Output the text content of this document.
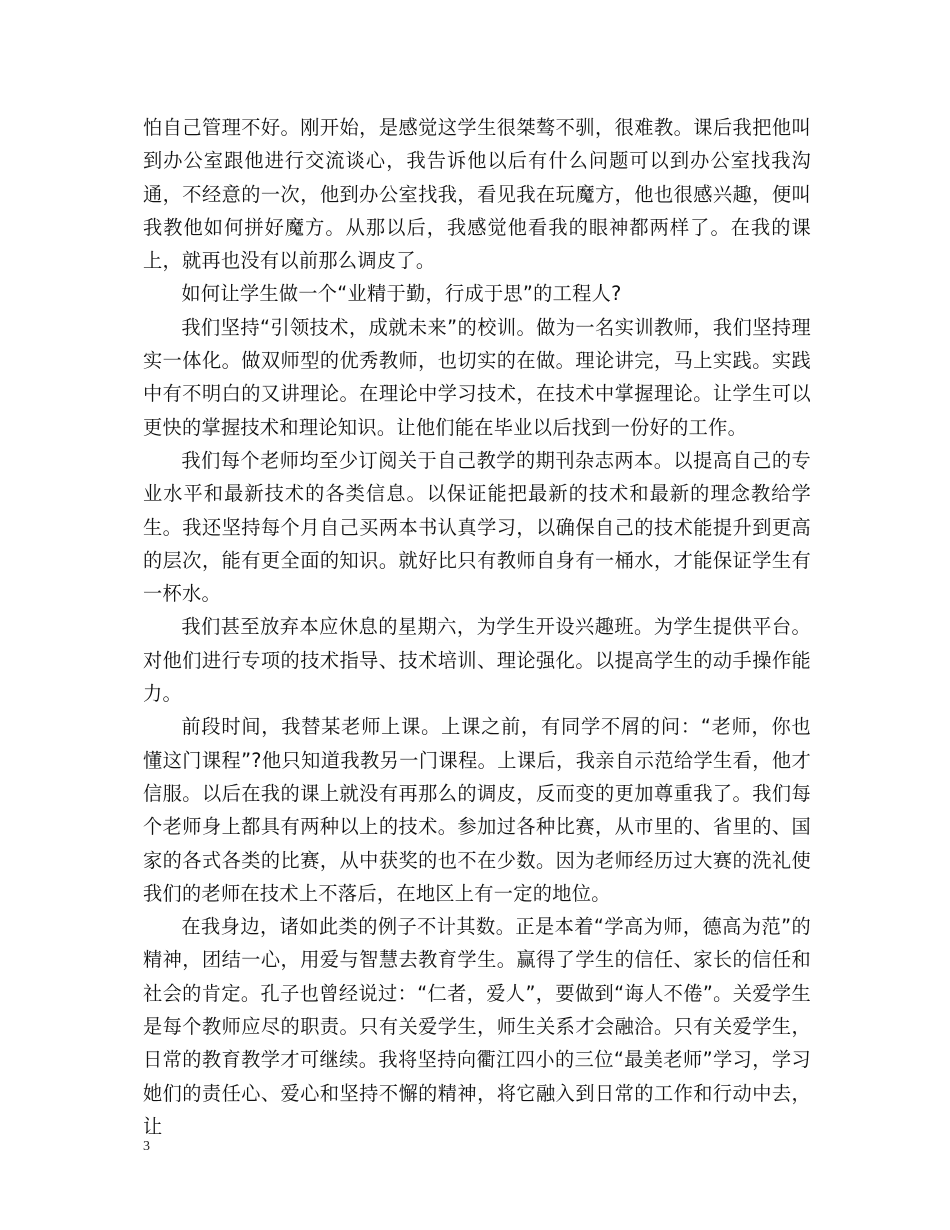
怕自己管理不好。刚开始，是感觉这学生很桀骜不驯，很难教。课后我把他叫到办公室跟他进行交流谈心，我告诉他以后有什么问题可以到办公室找我沟通，不经意的一次，他到办公室找我，看见我在玩魔方，他也很感兴趣，便叫我教他如何拼好魔方。从那以后，我感觉他看我的眼神都两样了。在我的课上，就再也没有以前那么调皮了。

如何让学生做一个“业精于勤，行成于思”的工程人?

我们坚持“引领技术，成就未来”的校训。做为一名实训教师，我们坚持理实一体化。做双师型的优秀教师，也切实的在做。理论讲完，马上实践。实践中有不明白的又讲理论。在理论中学习技术，在技术中掌握理论。让学生可以更快的掌握技术和理论知识。让他们能在毕业以后找到一份好的工作。

我们每个老师均至少订阅关于自己教学的期刊杂志两本。以提高自己的专业水平和最新技术的各类信息。以保证能把最新的技术和最新的理念教给学生。我还坚持每个月自己买两本书认真学习，以确保自己的技术能提升到更高的层次，能有更全面的知识。就好比只有教师自身有一桶水，才能保证学生有一杯水。

我们甚至放弃本应休息的星期六，为学生开设兴趣班。为学生提供平台。对他们进行专项的技术指导、技术培训、理论强化。以提高学生的动手操作能力。

前段时间，我替某老师上课。上课之前，有同学不屑的问：“老师，你也懂这门课程”?他只知道我教另一门课程。上课后，我亲自示范给学生看，他才信服。以后在我的课上就没有再那么的调皮，反而变的更加尊重我了。我们每个老师身上都具有两种以上的技术。参加过各种比赛，从市里的、省里的、国家的各式各类的比赛，从中获奖的也不在少数。因为老师经历过大赛的洗礼使我们的老师在技术上不落后，在地区上有一定的地位。

在我身边，诸如此类的例子不计其数。正是本着“学高为师，德高为范”的精神，团结一心，用爱与智慧去教育学生。赢得了学生的信任、家长的信任和社会的肯定。孔子也曾经说过：“仁者，爱人”，要做到“诲人不倦”。关爱学生是每个教师应尽的职责。只有关爱学生，师生关系才会融洽。只有关爱学生，日常的教育教学才可继续。我将坚持向衢江四小的三位“最美老师”学习，学习她们的责任心、爱心和坚持不懈的精神，将它融入到日常的工作和行动中去，让

3
